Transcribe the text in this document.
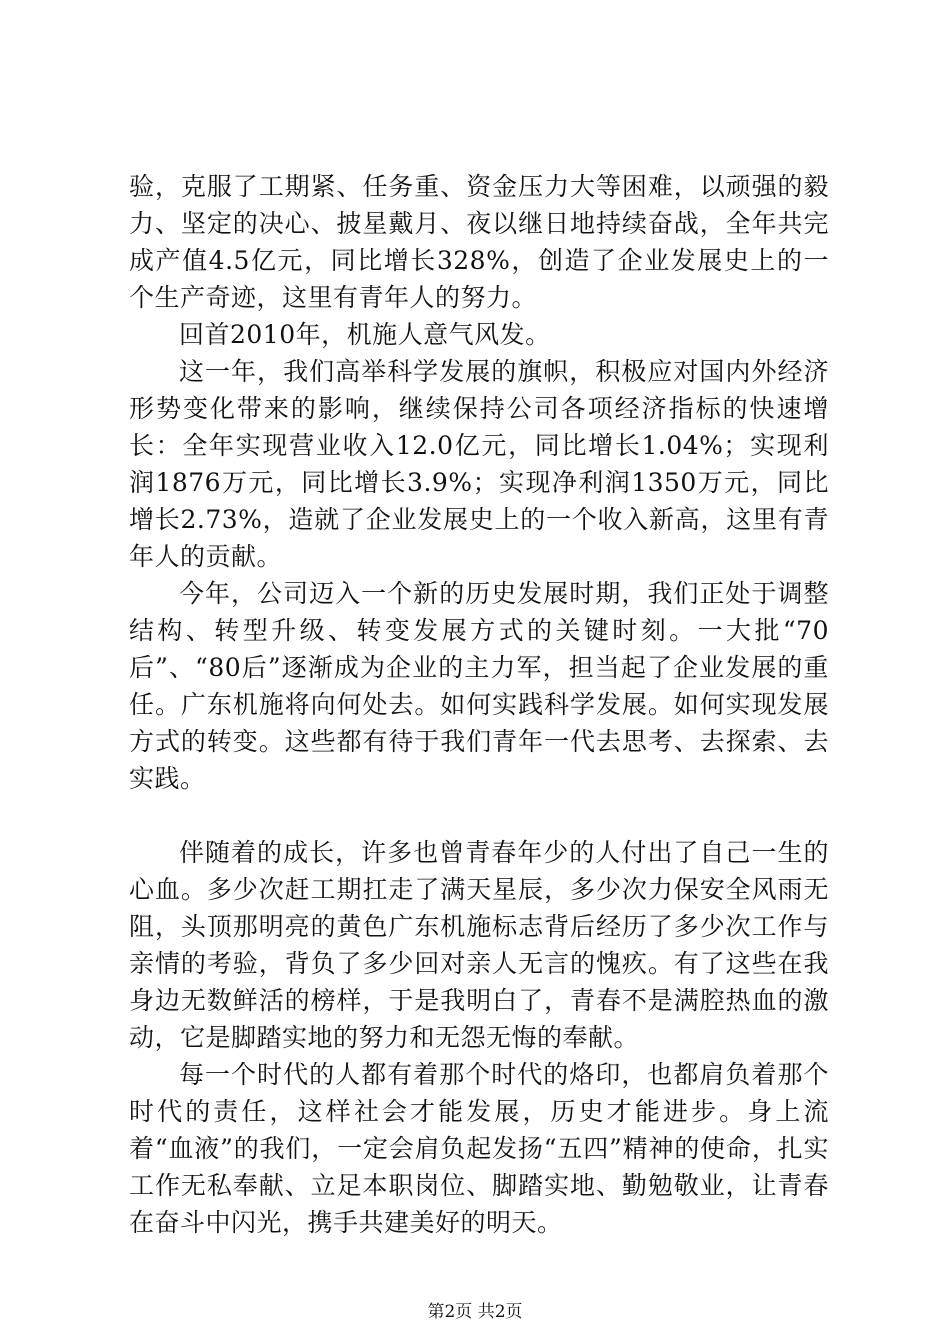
验，克服了工期紧、任务重、资金压力大等困难，以顽强的毅力、坚定的决心、披星戴月、夜以继日地持续奋战，全年共完成产值4.5亿元，同比增长328%，创造了企业发展史上的一个生产奇迹，这里有青年人的努力。

回首2010年，机施人意气风发。

这一年，我们高举科学发展的旗帜，积极应对国内外经济形势变化带来的影响，继续保持公司各项经济指标的快速增长：全年实现营业收入12.0亿元，同比增长1.04%；实现利润1876万元，同比增长3.9%；实现净利润1350万元，同比增长2.73%，造就了企业发展史上的一个收入新高，这里有青年人的贡献。

今年，公司迈入一个新的历史发展时期，我们正处于调整结构、转型升级、转变发展方式的关键时刻。一大批“70后”、“80后”逐渐成为企业的主力军，担当起了企业发展的重任。广东机施将向何处去。如何实践科学发展。如何实现发展方式的转变。这些都有待于我们青年一代去思考、去探索、去实践。

伴随着的成长，许多也曾青春年少的人付出了自己一生的心血。多少次赶工期扛走了满天星辰，多少次力保安全风雨无阻，头顶那明亮的黄色广东机施标志背后经历了多少次工作与亲情的考验，背负了多少回对亲人无言的愧疚。有了这些在我身边无数鲜活的榜样，于是我明白了，青春不是满腔热血的激动，它是脚踏实地的努力和无怨无悔的奉献。

每一个时代的人都有着那个时代的烙印，也都肩负着那个时代的责任，这样社会才能发展，历史才能进步。身上流着“血液”的我们，一定会肩负起发扬“五四”精神的使命，扎实工作无私奉献、立足本职岗位、脚踏实地、勤勉敬业，让青春在奋斗中闪光，携手共建美好的明天。

第2页 共2页
